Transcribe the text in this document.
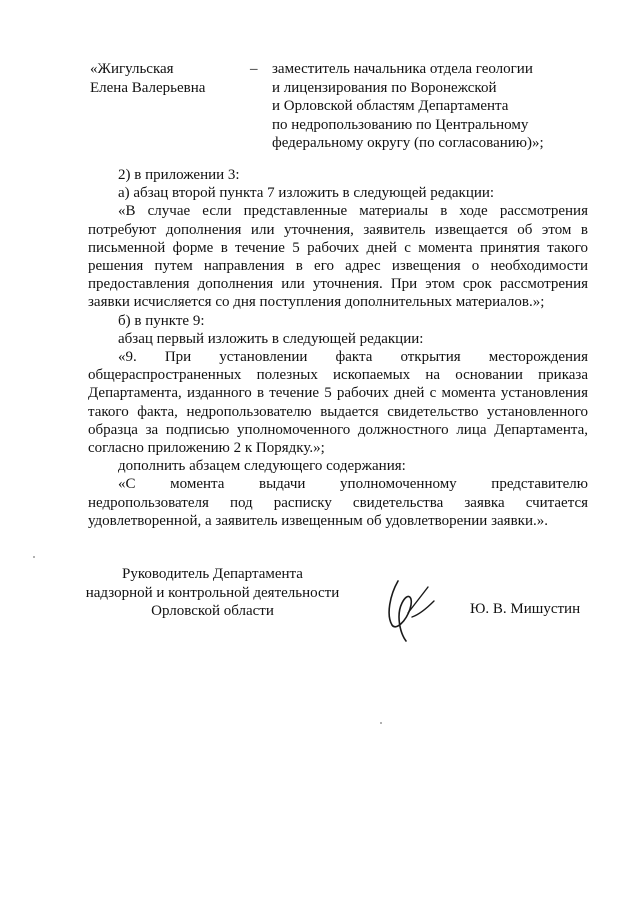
«Жигульская
Елена Валерьевна
– заместитель начальника отдела геологии
и лицензирования по Воронежской
и Орловской областям Департамента
по недропользованию по Центральному
федеральному округу (по согласованию)»;
2) в приложении 3:
а) абзац второй пункта 7 изложить в следующей редакции:
«В случае если представленные материалы в ходе рассмотрения потребуют дополнения или уточнения, заявитель извещается об этом в письменной форме в течение 5 рабочих дней с момента принятия такого решения путем направления в его адрес извещения о необходимости предоставления дополнения или уточнения. При этом срок рассмотрения заявки исчисляется со дня поступления дополнительных материалов.»;
б) в пункте 9:
абзац первый изложить в следующей редакции:
«9. При установлении факта открытия месторождения общераспространенных полезных ископаемых на основании приказа Департамента, изданного в течение 5 рабочих дней с момента установления такого факта, недропользователю выдается свидетельство установленного образца за подписью уполномоченного должностного лица Департамента, согласно приложению 2 к Порядку.»;
дополнить абзацем следующего содержания:
«С момента выдачи уполномоченному представителю недропользователя под расписку свидетельства заявка считается удовлетворенной, а заявитель извещенным об удовлетворении заявки.».
Руководитель Департамента
надзорной и контрольной деятельности
Орловской области	Ю. В. Мишустин
